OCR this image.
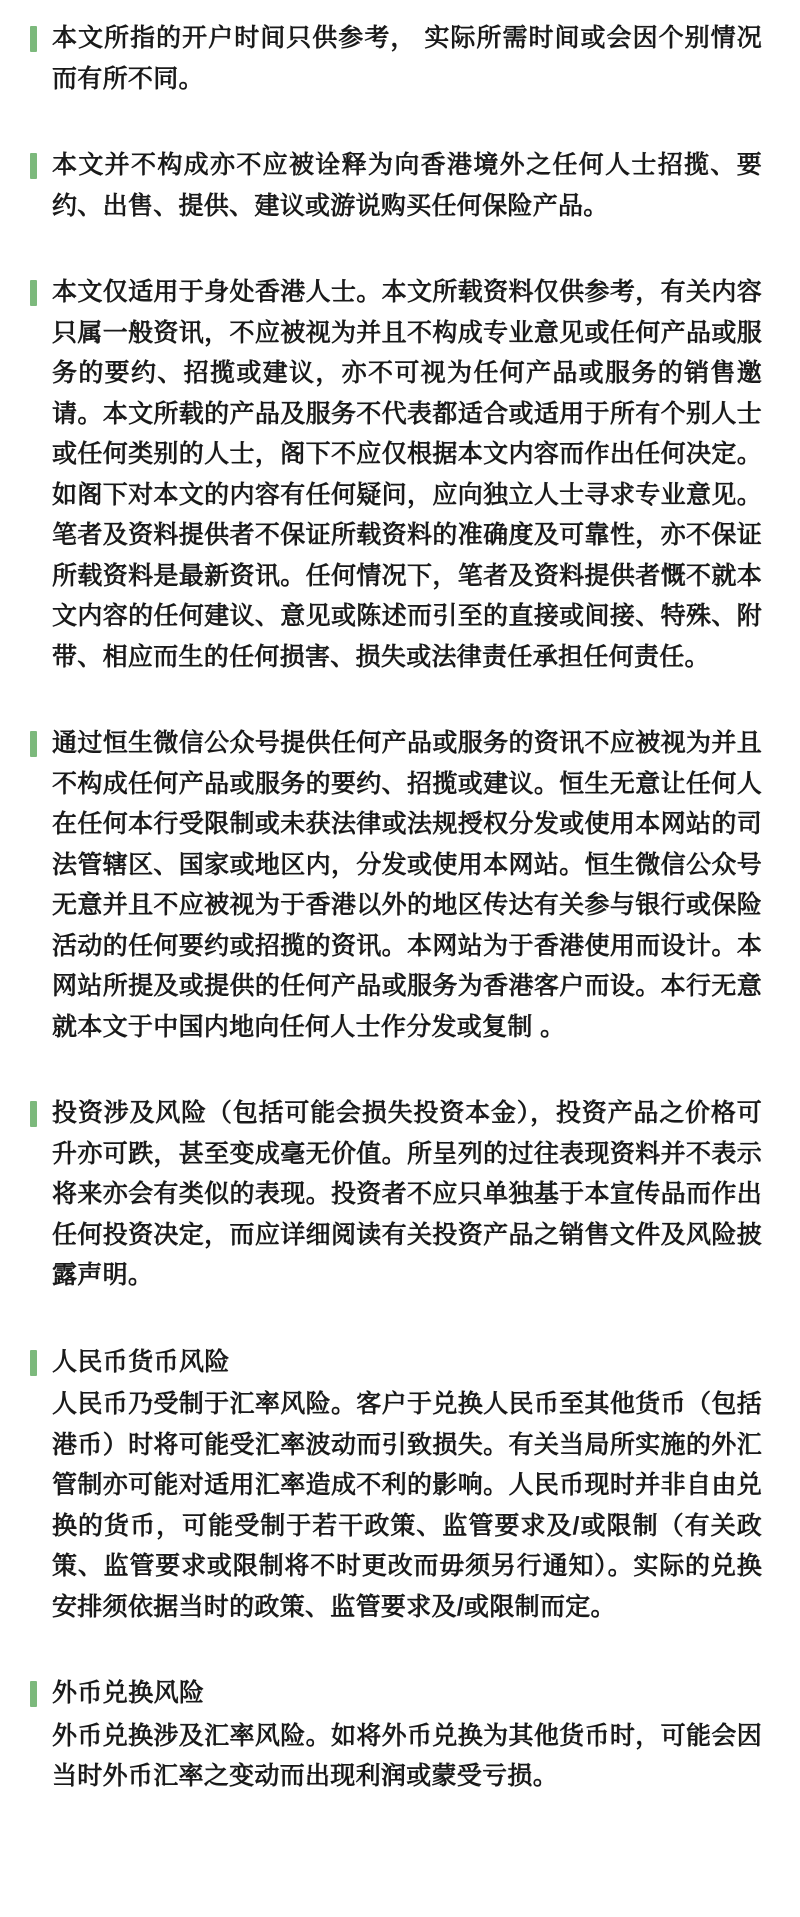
本文所指的开户时间只供参考， 实际所需时间或会因个别情况而有所不同。

本文并不构成亦不应被诠释为向香港境外之任何人士招揽、要约、出售、提供、建议或游说购买任何保险产品。

本文仅适用于身处香港人士。本文所载资料仅供参考，有关内容只属一般资讯，不应被视为并且不构成专业意见或任何产品或服务的要约、招揽或建议，亦不可视为任何产品或服务的销售邀请。本文所载的产品及服务不代表都适合或适用于所有个别人士或任何类别的人士，阁下不应仅根据本文内容而作出任何决定。如阁下对本文的内容有任何疑问，应向独立人士寻求专业意见。笔者及资料提供者不保证所载资料的准确度及可靠性，亦不保证所载资料是最新资讯。任何情况下，笔者及资料提供者慨不就本文内容的任何建议、意见或陈述而引至的直接或间接、特殊、附带、相应而生的任何损害、损失或法律责任承担任何责任。

通过恒生微信公众号提供任何产品或服务的资讯不应被视为并且不构成任何产品或服务的要约、招揽或建议。恒生无意让任何人在任何本行受限制或未获法律或法规授权分发或使用本网站的司法管辖区、国家或地区内，分发或使用本网站。恒生微信公众号无意并且不应被视为于香港以外的地区传达有关参与银行或保险活动的任何要约或招揽的资讯。本网站为于香港使用而设计。本网站所提及或提供的任何产品或服务为香港客户而设。本行无意就本文于中国内地向任何人士作分发或复制 。

投资涉及风险（包括可能会损失投资本金），投资产品之价格可升亦可跌，甚至变成毫无价值。所呈列的过往表现资料并不表示将来亦会有类似的表现。投资者不应只单独基于本宣传品而作出任何投资决定，而应详细阅读有关投资产品之销售文件及风险披露声明。

人民币货币风险

人民币乃受制于汇率风险。客户于兑换人民币至其他货币（包括港币）时将可能受汇率波动而引致损失。有关当局所实施的外汇管制亦可能对适用汇率造成不利的影响。人民币现时并非自由兑换的货币，可能受制于若干政策、监管要求及/或限制（有关政策、监管要求或限制将不时更改而毋须另行通知）。实际的兑换安排须依据当时的政策、监管要求及/或限制而定。

外币兑换风险

外币兑换涉及汇率风险。如将外币兑换为其他货币时，可能会因当时外币汇率之变动而出现利润或蒙受亏损。
